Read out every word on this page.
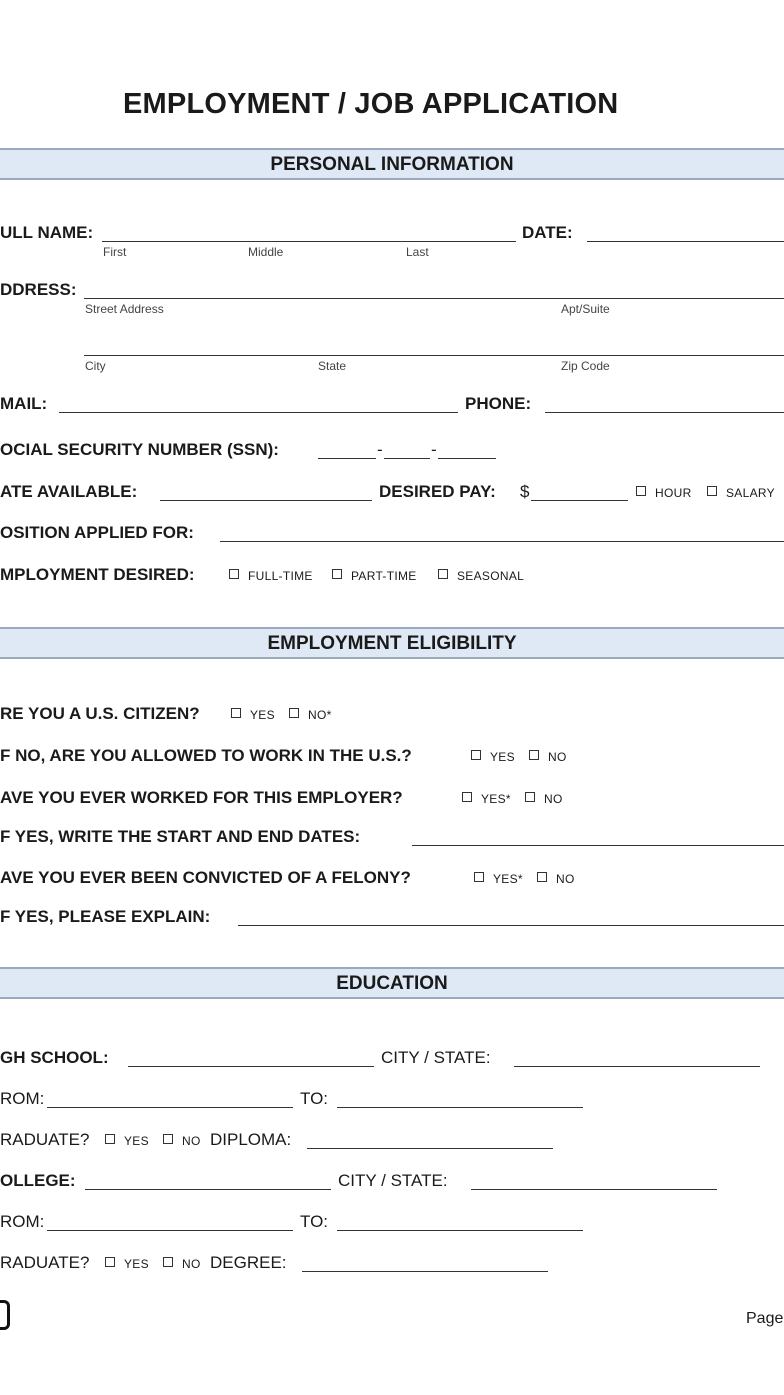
EMPLOYMENT / JOB APPLICATION
PERSONAL INFORMATION
ULL NAME:
First	Middle	Last
DATE:
DDRESS:
Street Address	Apt/Suite
City	State	Zip Code
MAIL:	PHONE:
OCIAL SECURITY NUMBER (SSN):	-	-
ATE AVAILABLE:	DESIRED PAY: $	HOUR	SALARY
OSITION APPLIED FOR:
MPLOYMENT DESIRED:	FULL-TIME	PART-TIME	SEASONAL
EMPLOYMENT ELIGIBILITY
RE YOU A U.S. CITIZEN?	YES	NO*
F NO, ARE YOU ALLOWED TO WORK IN THE U.S.?	YES	NO
AVE YOU EVER WORKED FOR THIS EMPLOYER?	YES*	NO
F YES, WRITE THE START AND END DATES:
AVE YOU EVER BEEN CONVICTED OF A FELONY?	YES*	NO
F YES, PLEASE EXPLAIN:
EDUCATION
GH SCHOOL:	CITY / STATE:
ROM:	TO:
RADUATE?	YES	NO DIPLOMA:
OLLEGE:	CITY / STATE:
ROM:	TO:
RADUATE?	YES	NO DEGREE:
Page
